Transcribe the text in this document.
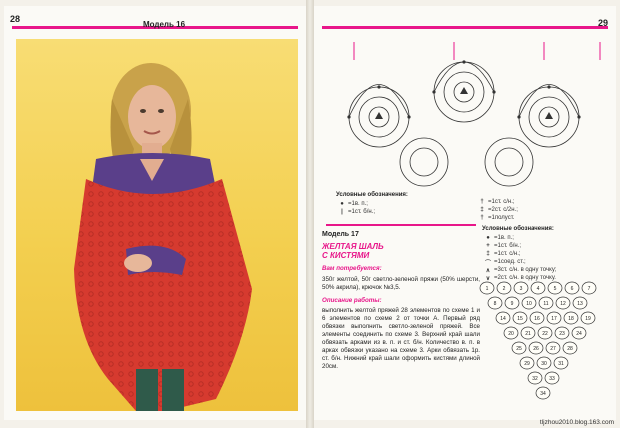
28
Модель 16	29
Условные обозначения:
● =1в. п.;
| =1ст. б/н.;
† =1ст. с/н.;
‡ =2ст. с/2н.;
† =1полуст.
Условные обозначения:
● =1в. п.;
+ =1ст. б/н.;
‡ =1ст. с/н.;
⌒ =1соед. ст.;
∧ =3ст. с/н. в одну точку;
∨ =2ст. с/н. в одну точку.
Модель 17
ЖЕЛТАЯ ШАЛЬ
С КИСТЯМИ
Вам потребуется:
350г желтой, 50г светло-зеленой пряжи (50% шерсти, 50% акрила), крючок №3,5.
Описание работы:
выполнить желтой пряжей 28 элементов по схеме 1 и 6 элементов по схеме 2 от точки А. Первый ряд обвязки выполнить светло-зеленой пряжей. Все элементы соединить по схеме 3. Верхний край шали обвязать арками из в. п. и ст. б/н. Количество в. п. в арках обвязки указано на схеме 3. Арки обвязать 1р. ст. б/н. Нижний край шали оформить кистями длиной 20см.
1	2	3	4	5	6	7
8	9	10 11 12 13
14 15 16 17 18 19
20 21 22 23 24
25 26 27 28
29 30 31
32 33
34
tljzhou2010.blog.163.com
